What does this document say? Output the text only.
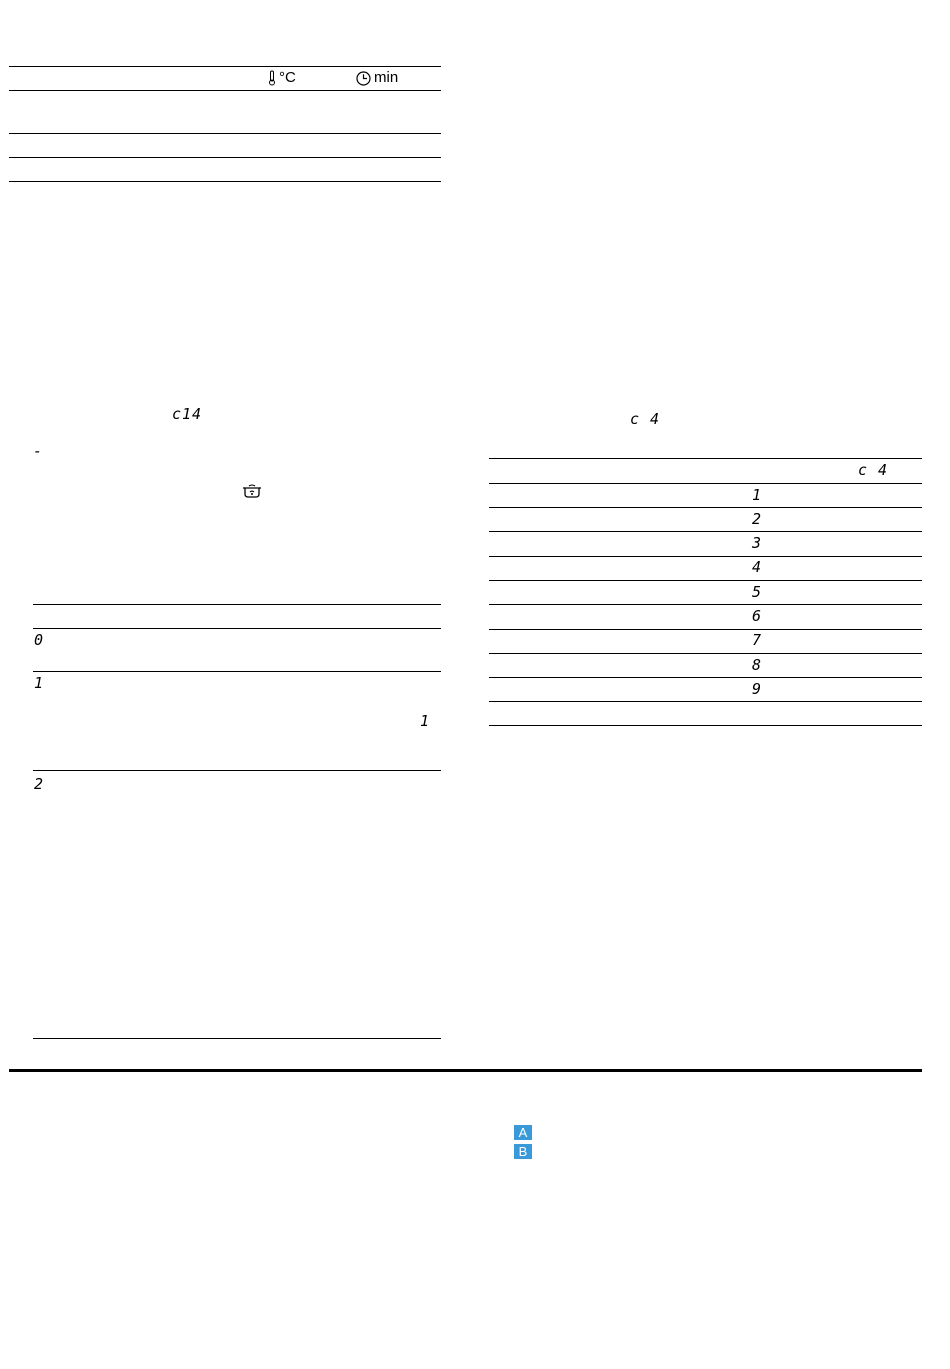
°C	min
c14
-
0
1
1
2
c 4
c 4
1
2
3
4
5
6
7
8
9
A
B
